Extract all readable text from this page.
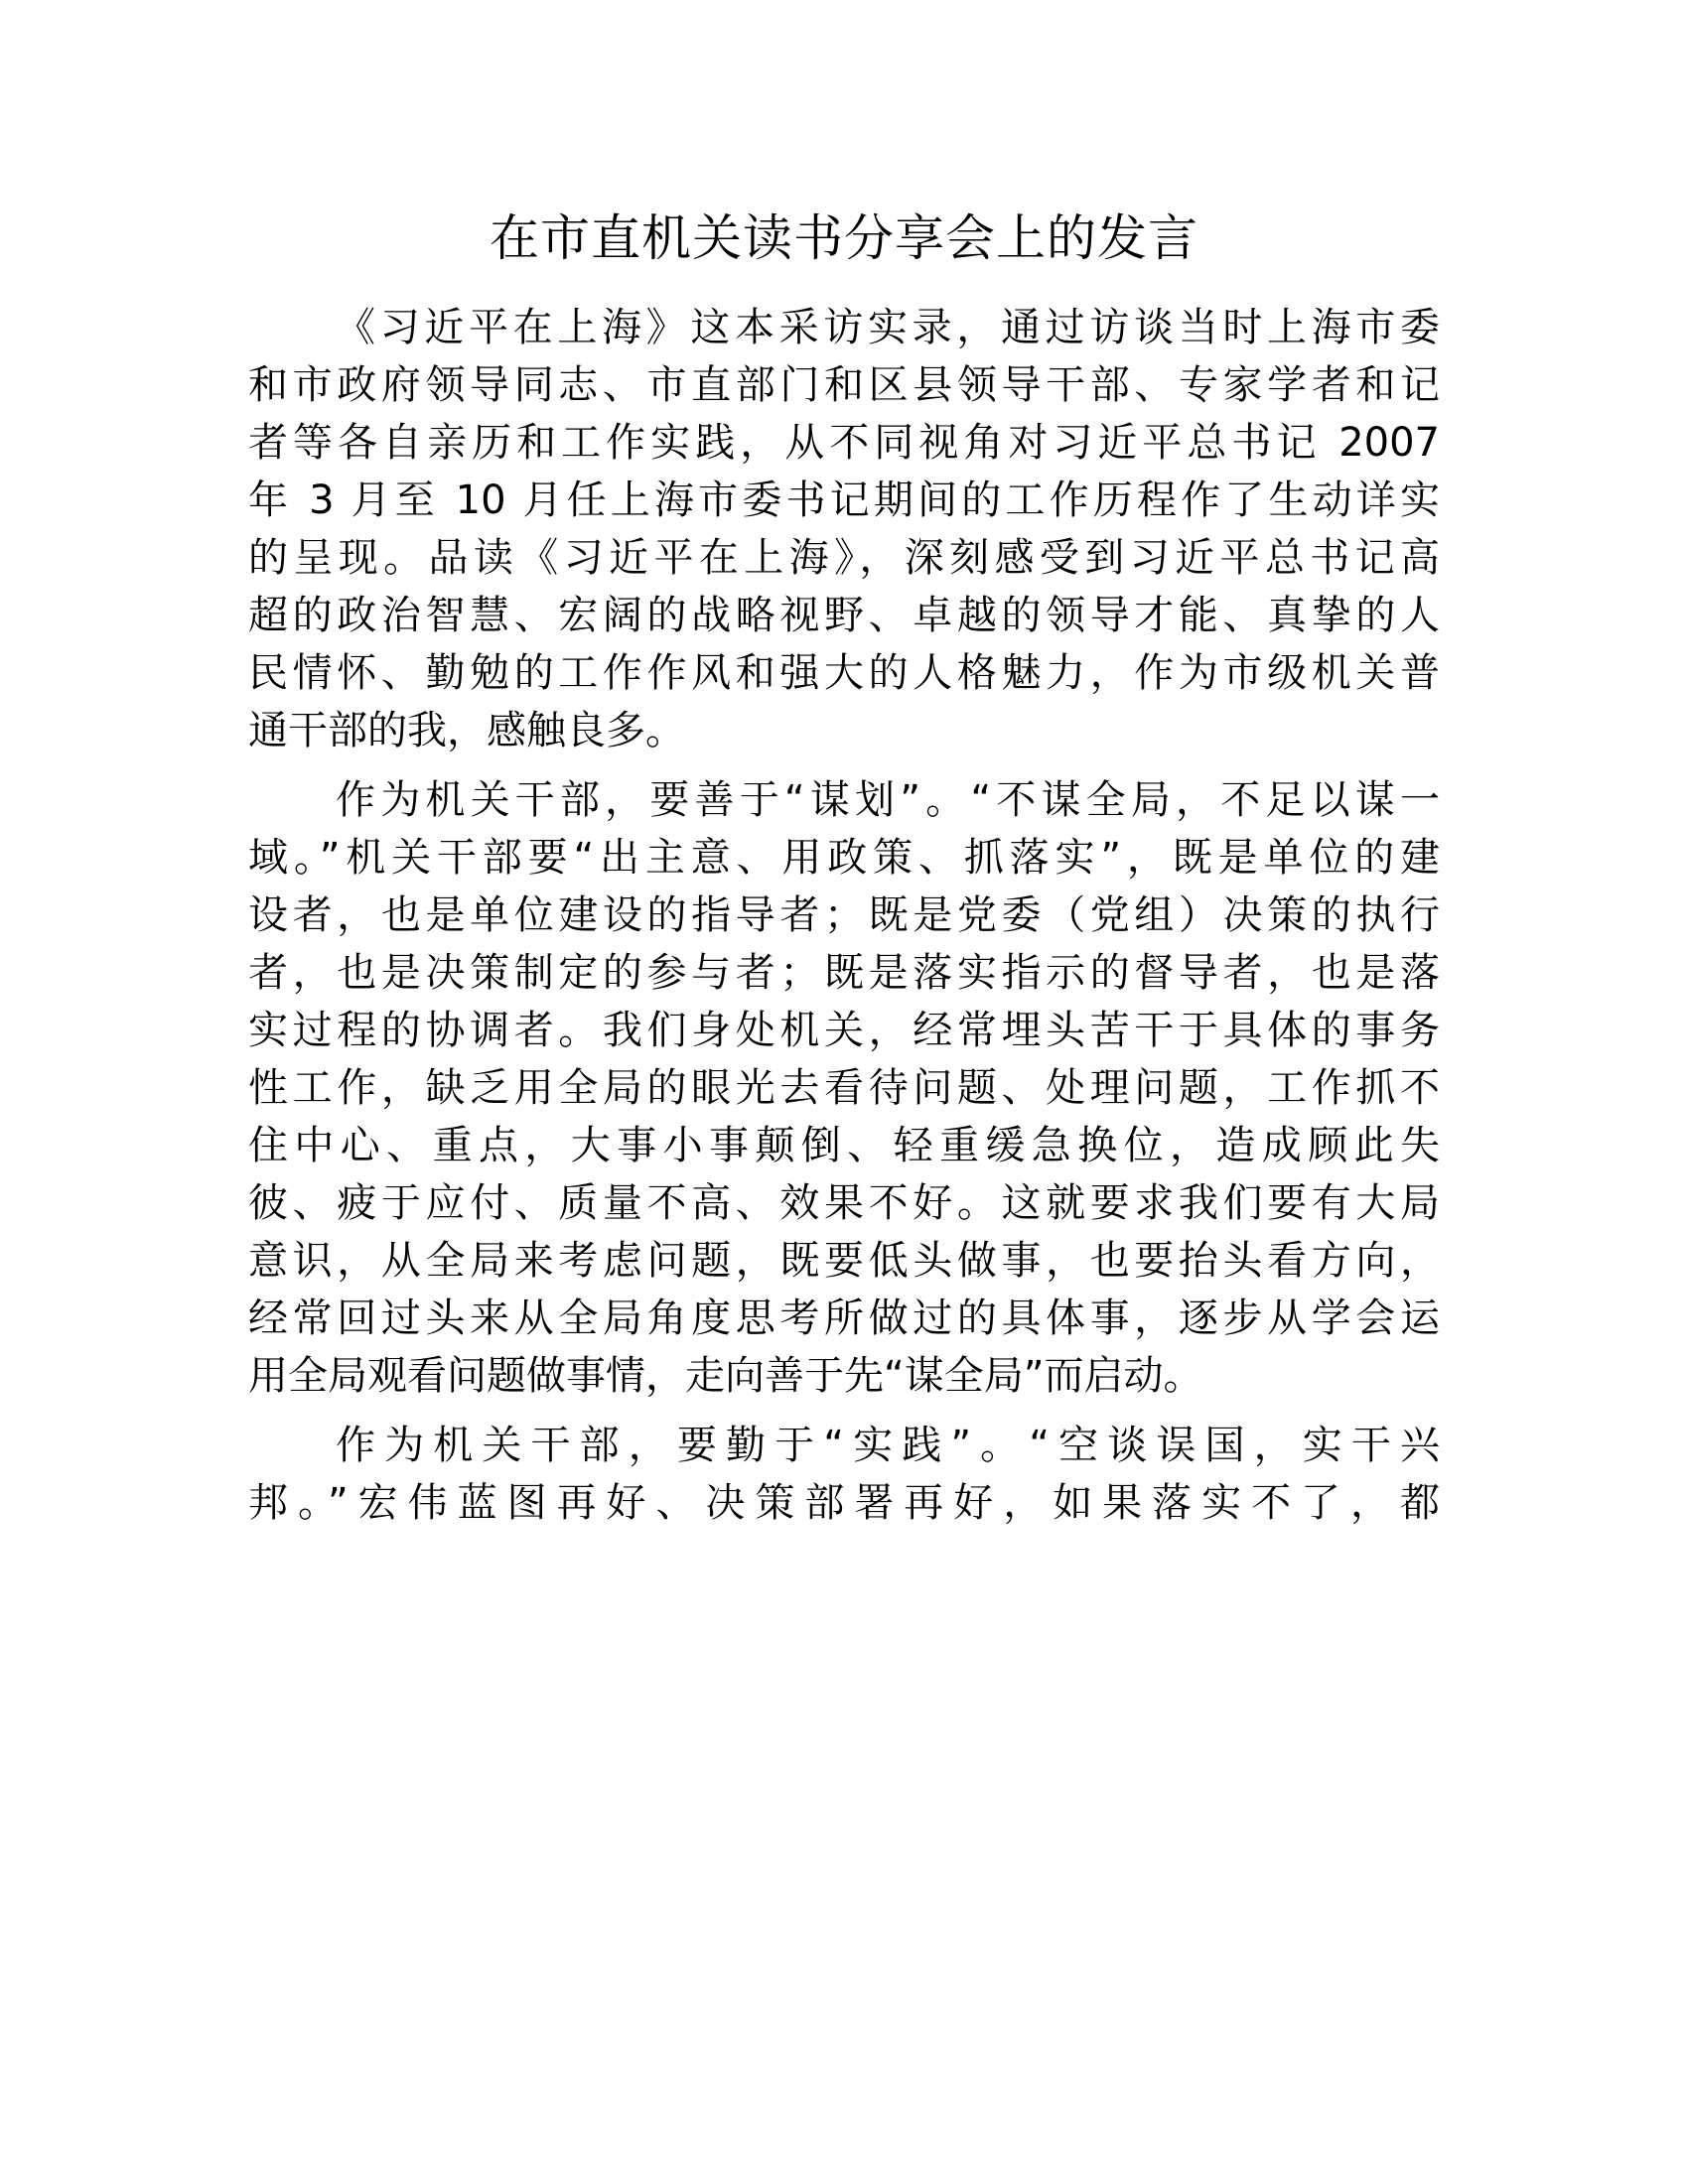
在市直机关读书分享会上的发言
《习近平在上海》这本采访实录，通过访谈当时上海市委
和市政府领导同志、市直部门和区县领导干部、专家学者和记
者等各自亲历和工作实践，从不同视角对习近平总书记 2007
年 3 月至 10 月任上海市委书记期间的工作历程作了生动详实
的呈现。品读《习近平在上海》，深刻感受到习近平总书记高
超的政治智慧、宏阔的战略视野、卓越的领导才能、真挚的人
民情怀、勤勉的工作作风和强大的人格魅力，作为市级机关普
通干部的我，感触良多。
作为机关干部，要善于“谋划”。“不谋全局，不足以谋一
域。”机关干部要“出主意、用政策、抓落实”，既是单位的建
设者，也是单位建设的指导者；既是党委（党组）决策的执行
者，也是决策制定的参与者；既是落实指示的督导者，也是落
实过程的协调者。我们身处机关，经常埋头苦干于具体的事务
性工作，缺乏用全局的眼光去看待问题、处理问题，工作抓不
住中心、重点，大事小事颠倒、轻重缓急换位，造成顾此失
彼、疲于应付、质量不高、效果不好。这就要求我们要有大局
意识，从全局来考虑问题，既要低头做事，也要抬头看方向，
经常回过头来从全局角度思考所做过的具体事，逐步从学会运
用全局观看问题做事情，走向善于先“谋全局”而启动。
作为机关干部，要勤于“实践”。“空谈误国，实干兴
邦。”宏伟蓝图再好、决策部署再好，如果落实不了，都
